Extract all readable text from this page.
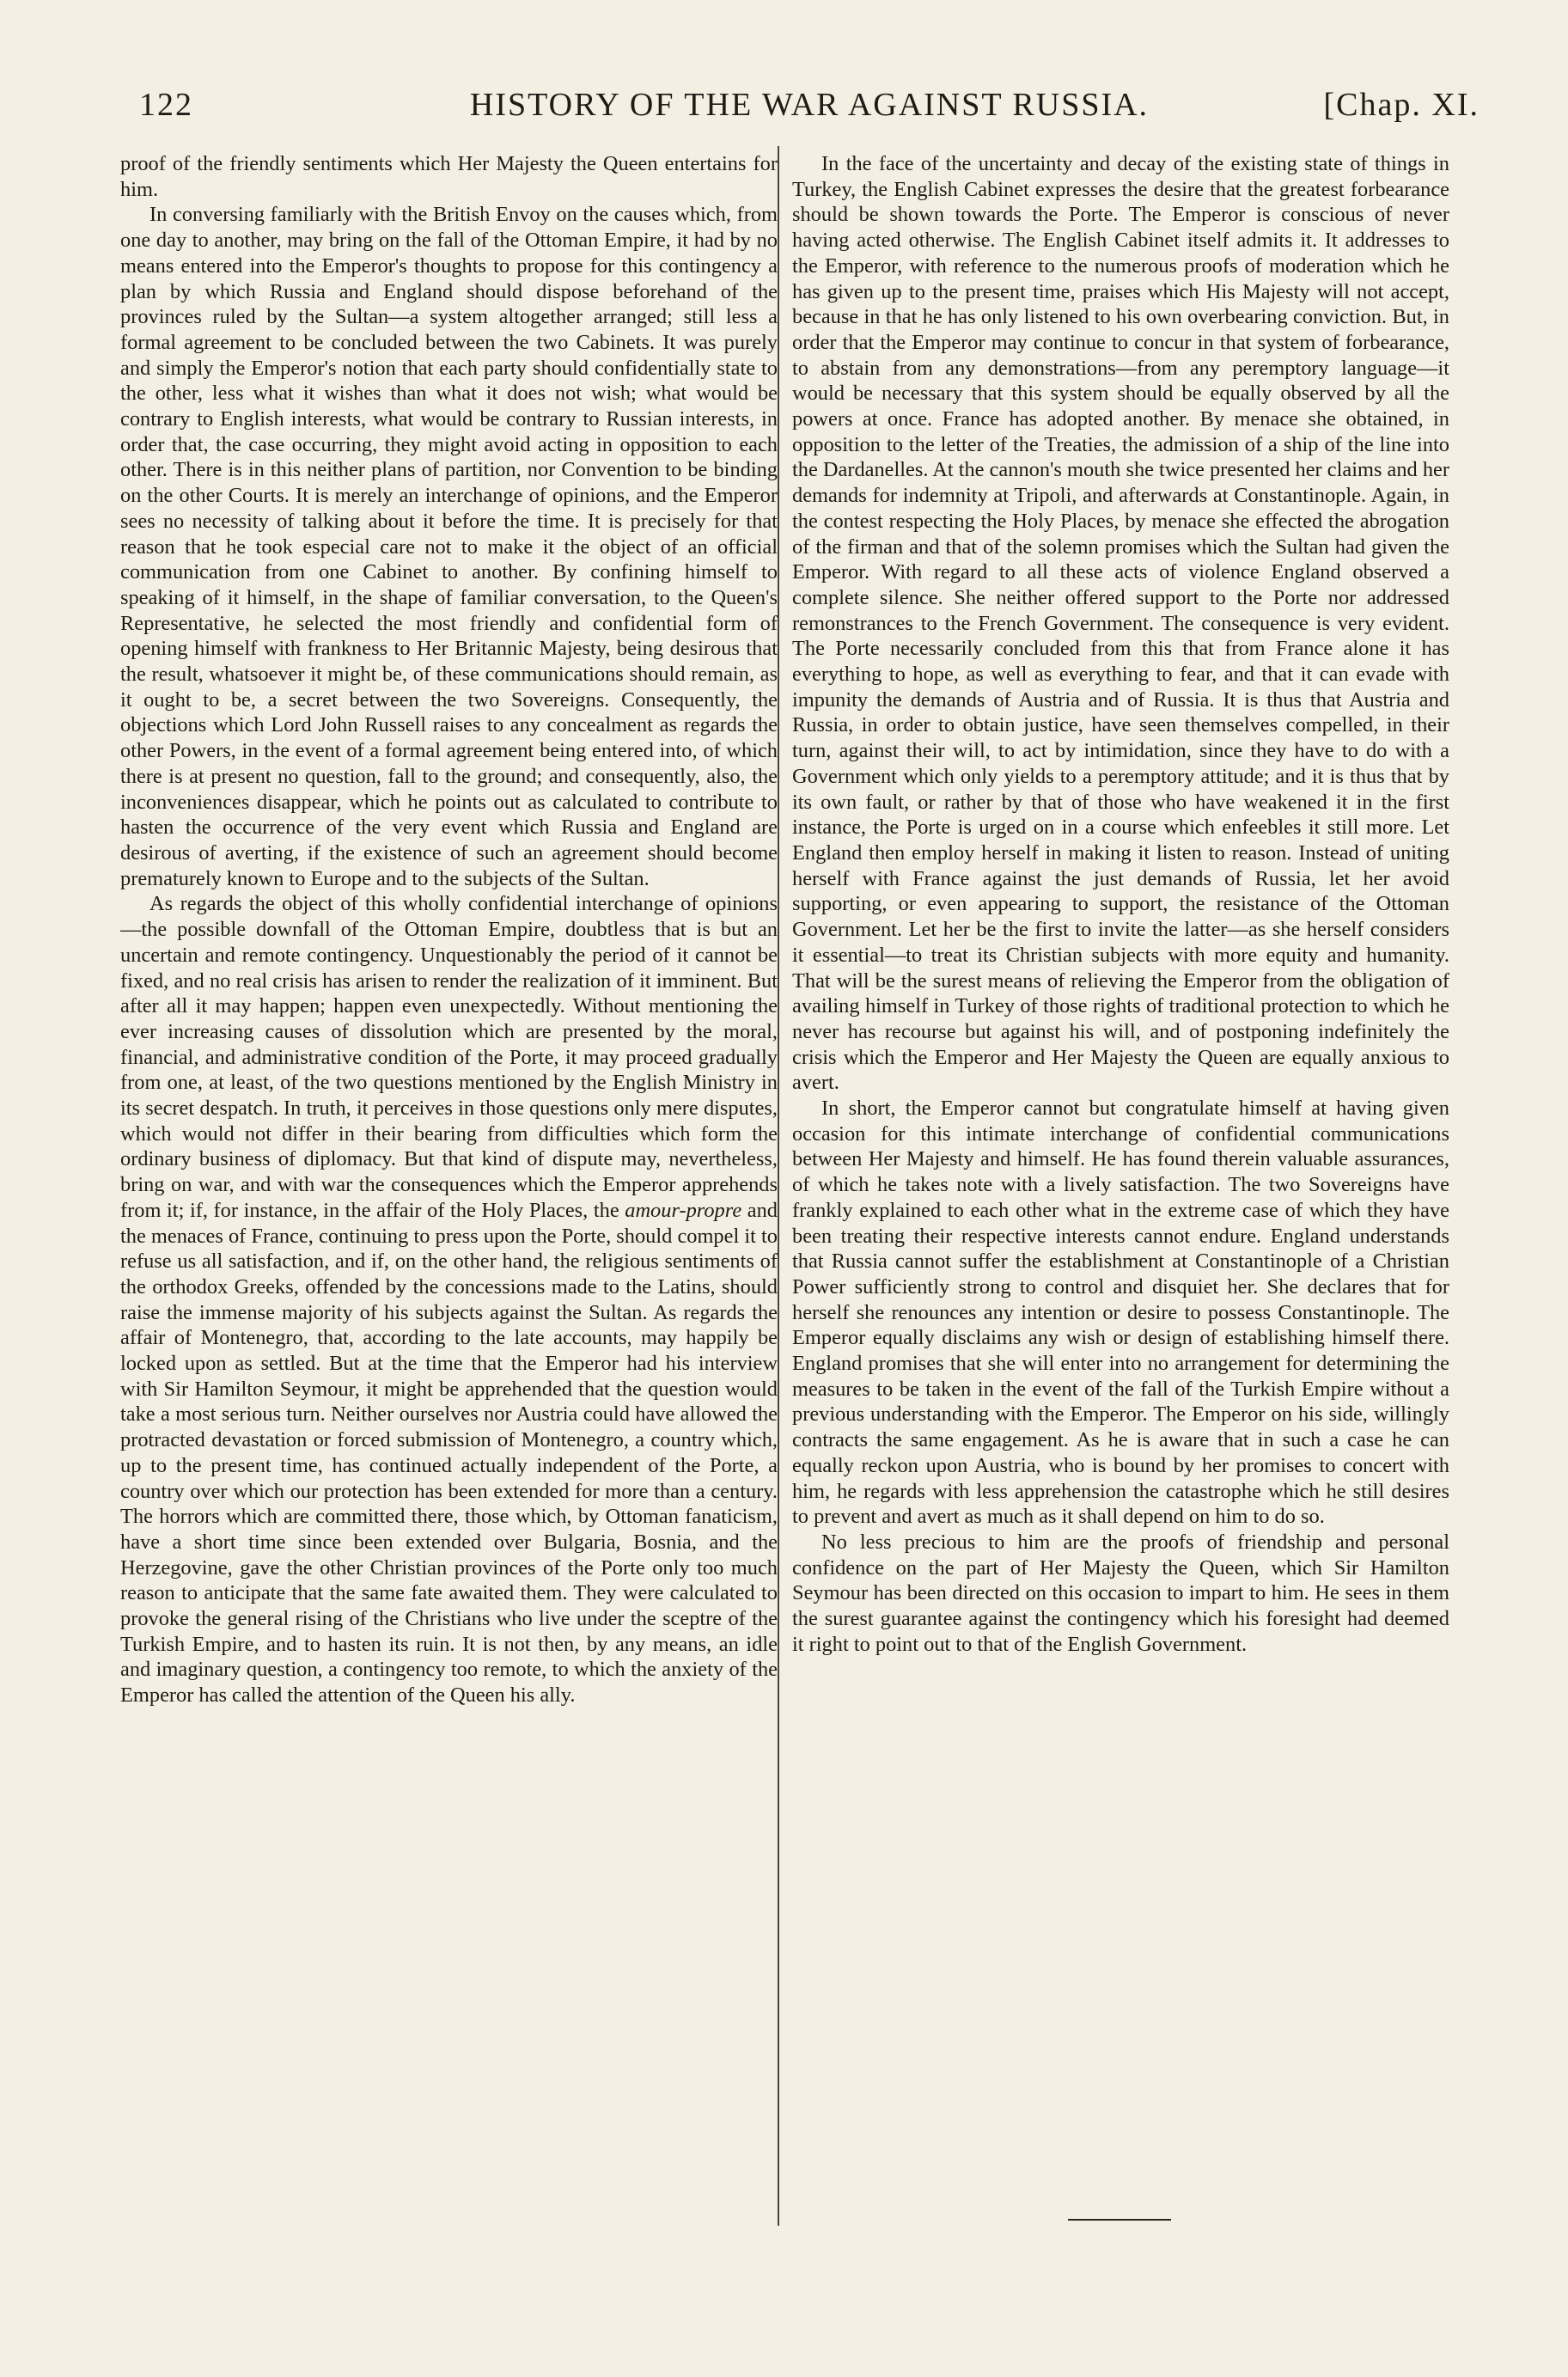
122	HISTORY OF THE WAR AGAINST RUSSIA.	[Chap. XI.

proof of the friendly sentiments which Her Majesty the Queen entertains for him.

In conversing familiarly with the British Envoy on the causes which, from one day to another, may bring on the fall of the Ottoman Empire, it had by no means entered into the Emperor's thoughts to propose for this contingency a plan by which Russia and England should dispose beforehand of the provinces ruled by the Sultan—a system altogether arranged; still less a formal agreement to be concluded between the two Cabinets. It was purely and simply the Emperor's notion that each party should confidentially state to the other, less what it wishes than what it does not wish; what would be contrary to English interests, what would be contrary to Russian interests, in order that, the case occurring, they might avoid acting in opposition to each other. There is in this neither plans of partition, nor Convention to be binding on the other Courts. It is merely an interchange of opinions, and the Emperor sees no necessity of talking about it before the time. It is precisely for that reason that he took especial care not to make it the object of an official communication from one Cabinet to another. By confining himself to speaking of it himself, in the shape of familiar conversation, to the Queen's Representative, he selected the most friendly and confidential form of opening himself with frankness to Her Britannic Majesty, being desirous that the result, whatsoever it might be, of these communications should remain, as it ought to be, a secret between the two Sovereigns. Consequently, the objections which Lord John Russell raises to any concealment as regards the other Powers, in the event of a formal agreement being entered into, of which there is at present no question, fall to the ground; and consequently, also, the inconveniences disappear, which he points out as calculated to contribute to hasten the occurrence of the very event which Russia and England are desirous of averting, if the existence of such an agreement should become prematurely known to Europe and to the subjects of the Sultan.

As regards the object of this wholly confidential interchange of opinions—the possible downfall of the Ottoman Empire, doubtless that is but an uncertain and remote contingency. Unquestionably the period of it cannot be fixed, and no real crisis has arisen to render the realization of it imminent. But after all it may happen; happen even unexpectedly. Without mentioning the ever increasing causes of dissolution which are presented by the moral, financial, and administrative condition of the Porte, it may proceed gradually from one, at least, of the two questions mentioned by the English Ministry in its secret despatch. In truth, it perceives in those questions only mere disputes, which would not differ in their bearing from difficulties which form the ordinary business of diplomacy. But that kind of dispute may, nevertheless, bring on war, and with war the consequences which the Emperor apprehends from it; if, for instance, in the affair of the Holy Places, the amour-propre and the menaces of France, continuing to press upon the Porte, should compel it to refuse us all satisfaction, and if, on the other hand, the religious sentiments of the orthodox Greeks, offended by the concessions made to the Latins, should raise the immense majority of his subjects against the Sultan. As regards the affair of Montenegro, that, according to the late accounts, may happily be locked upon as settled. But at the time that the Emperor had his interview with Sir Hamilton Seymour, it might be apprehended that the question would take a most serious turn. Neither ourselves nor Austria could have allowed the protracted devastation or forced submission of Montenegro, a country which, up to the present time, has continued actually independent of the Porte, a country over which our protection has been extended for more than a century. The horrors which are committed there, those which, by Ottoman fanaticism, have a short time since been extended over Bulgaria, Bosnia, and the Herzegovine, gave the other Christian provinces of the Porte only too much reason to anticipate that the same fate awaited them. They were calculated to provoke the general rising of the Christians who live under the sceptre of the Turkish Empire, and to hasten its ruin. It is not then, by any means, an idle and imaginary question, a contingency too remote, to which the anxiety of the Emperor has called the attention of the Queen his ally.

In the face of the uncertainty and decay of the existing state of things in Turkey, the English Cabinet expresses the desire that the greatest forbearance should be shown towards the Porte. The Emperor is conscious of never having acted otherwise. The English Cabinet itself admits it. It addresses to the Emperor, with reference to the numerous proofs of moderation which he has given up to the present time, praises which His Majesty will not accept, because in that he has only listened to his own overbearing conviction. But, in order that the Emperor may continue to concur in that system of forbearance, to abstain from any demonstrations—from any peremptory language—it would be necessary that this system should be equally observed by all the powers at once. France has adopted another. By menace she obtained, in opposition to the letter of the Treaties, the admission of a ship of the line into the Dardanelles. At the cannon's mouth she twice presented her claims and her demands for indemnity at Tripoli, and afterwards at Constantinople. Again, in the contest respecting the Holy Places, by menace she effected the abrogation of the firman and that of the solemn promises which the Sultan had given the Emperor. With regard to all these acts of violence England observed a complete silence. She neither offered support to the Porte nor addressed remonstrances to the French Government. The consequence is very evident. The Porte necessarily concluded from this that from France alone it has everything to hope, as well as everything to fear, and that it can evade with impunity the demands of Austria and of Russia. It is thus that Austria and Russia, in order to obtain justice, have seen themselves compelled, in their turn, against their will, to act by intimidation, since they have to do with a Government which only yields to a peremptory attitude; and it is thus that by its own fault, or rather by that of those who have weakened it in the first instance, the Porte is urged on in a course which enfeebles it still more. Let England then employ herself in making it listen to reason. Instead of uniting herself with France against the just demands of Russia, let her avoid supporting, or even appearing to support, the resistance of the Ottoman Government. Let her be the first to invite the latter—as she herself considers it essential—to treat its Christian subjects with more equity and humanity. That will be the surest means of relieving the Emperor from the obligation of availing himself in Turkey of those rights of traditional protection to which he never has recourse but against his will, and of postponing indefinitely the crisis which the Emperor and Her Majesty the Queen are equally anxious to avert.

In short, the Emperor cannot but congratulate himself at having given occasion for this intimate interchange of confidential communications between Her Majesty and himself. He has found therein valuable assurances, of which he takes note with a lively satisfaction. The two Sovereigns have frankly explained to each other what in the extreme case of which they have been treating their respective interests cannot endure. England understands that Russia cannot suffer the establishment at Constantinople of a Christian Power sufficiently strong to control and disquiet her. She declares that for herself she renounces any intention or desire to possess Constantinople. The Emperor equally disclaims any wish or design of establishing himself there. England promises that she will enter into no arrangement for determining the measures to be taken in the event of the fall of the Turkish Empire without a previous understanding with the Emperor. The Emperor on his side, willingly contracts the same engagement. As he is aware that in such a case he can equally reckon upon Austria, who is bound by her promises to concert with him, he regards with less apprehension the catastrophe which he still desires to prevent and avert as much as it shall depend on him to do so.

No less precious to him are the proofs of friendship and personal confidence on the part of Her Majesty the Queen, which Sir Hamilton Seymour has been directed on this occasion to impart to him. He sees in them the surest guarantee against the contingency which his foresight had deemed it right to point out to that of the English Government.
